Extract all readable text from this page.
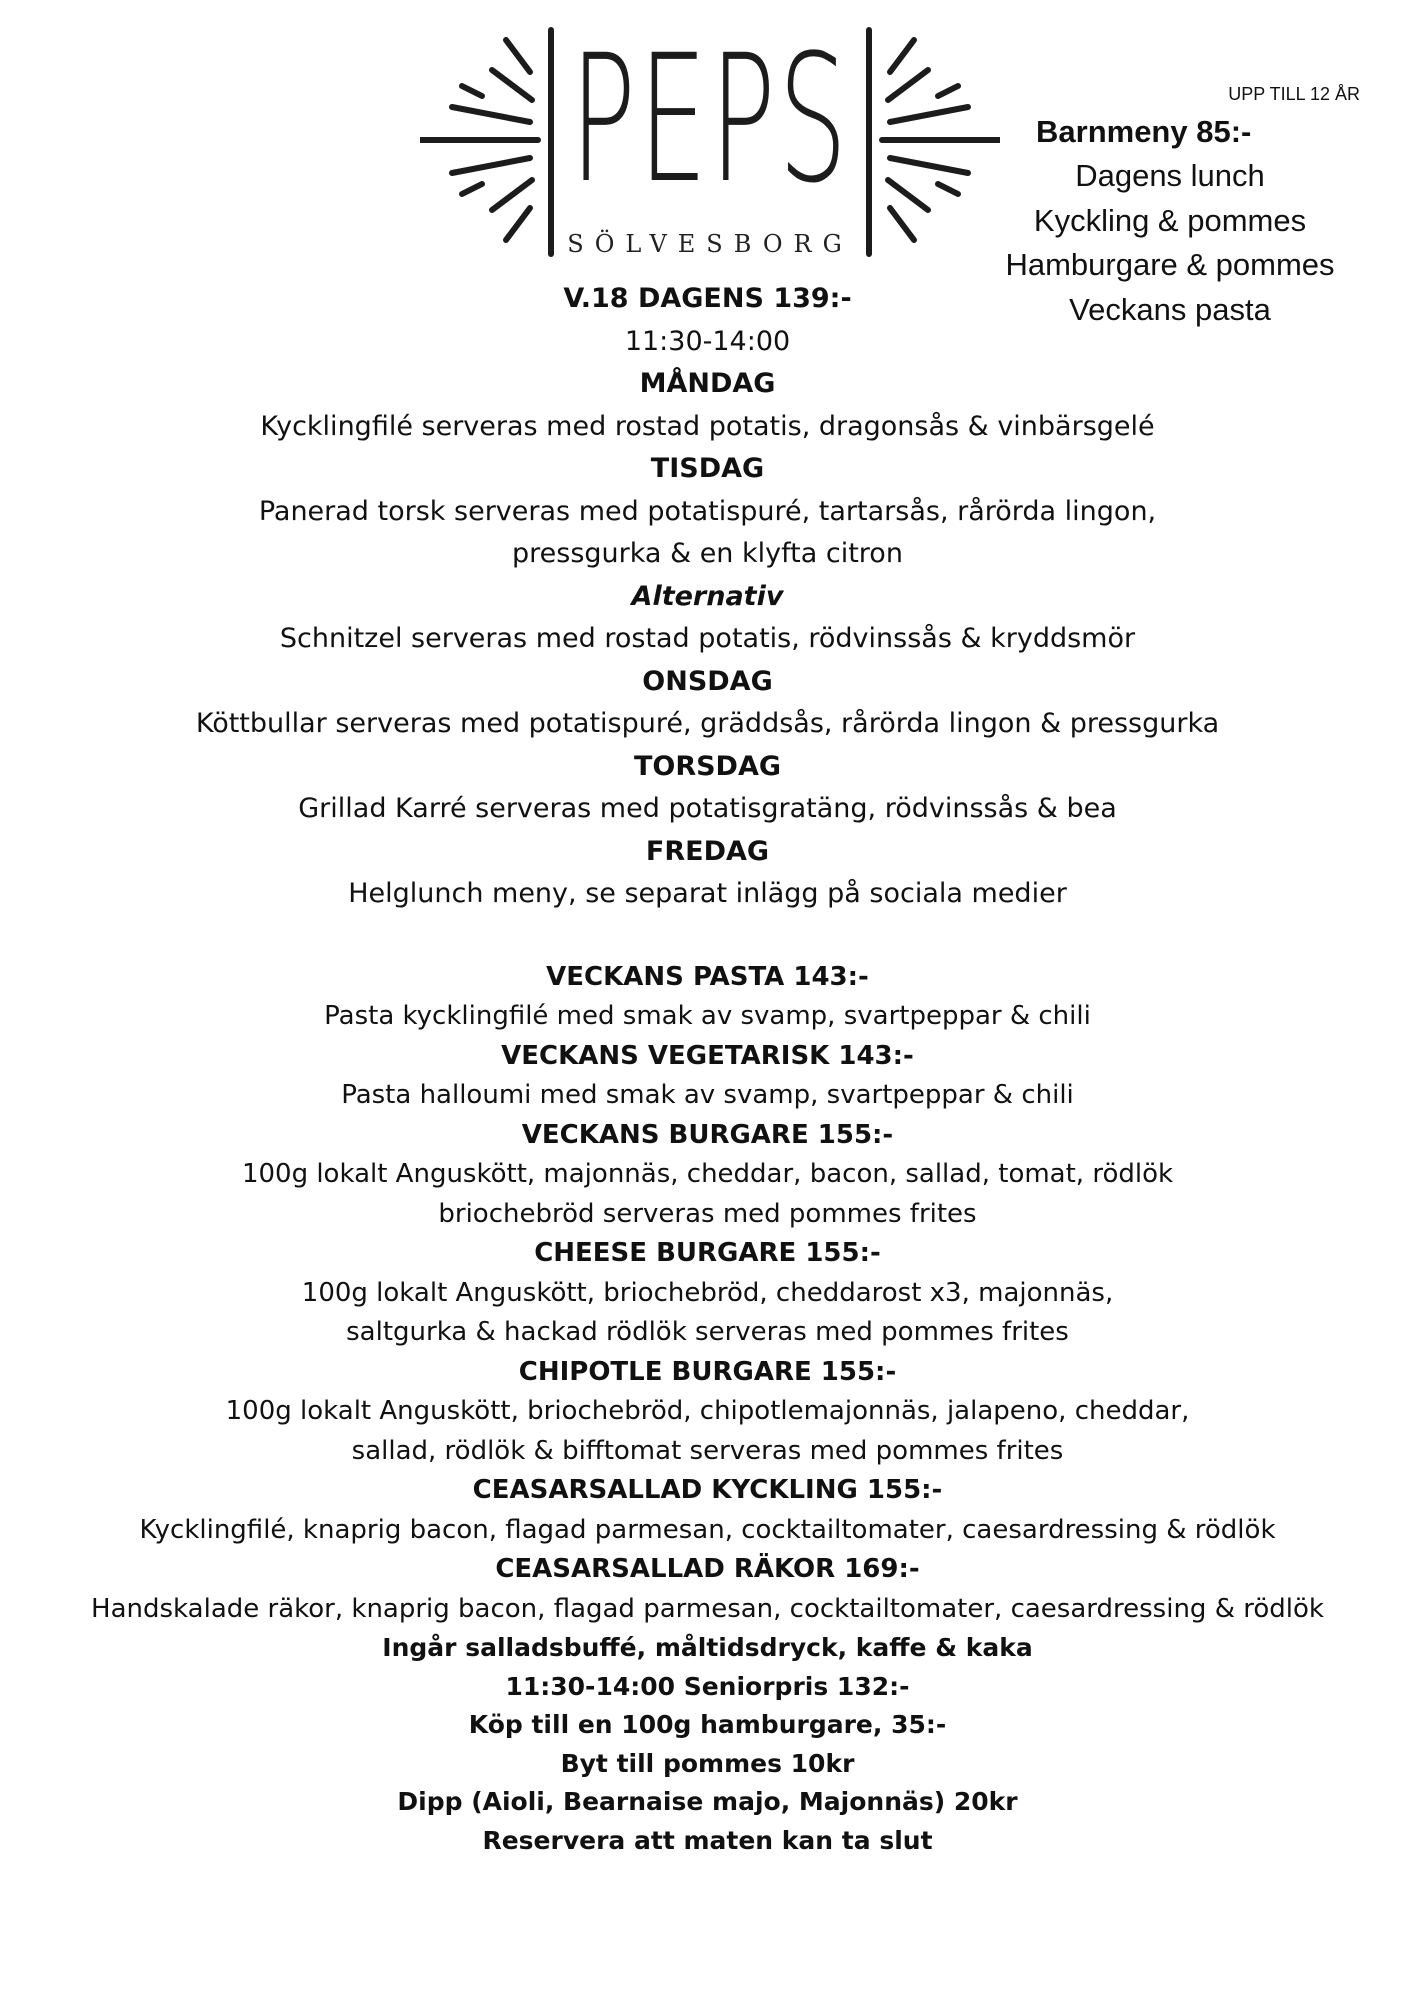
PEPS
SÖLVESBORG
UPP TILL 12 ÅR
Barnmeny 85:-
Dagens lunch
Kyckling & pommes
Hamburgare & pommes
Veckans pasta
V.18 DAGENS 139:-
11:30-14:00
MÅNDAG
Kycklingfilé serveras med rostad potatis, dragonsås & vinbärsgelé
TISDAG
Panerad torsk serveras med potatispuré, tartarsås, rårörda lingon,
pressgurka & en klyfta citron
Alternativ
Schnitzel serveras med rostad potatis, rödvinssås & kryddsmör
ONSDAG
Köttbullar serveras med potatispuré, gräddsås, rårörda lingon & pressgurka
TORSDAG
Grillad Karré serveras med potatisgratäng, rödvinssås & bea
FREDAG
Helglunch meny, se separat inlägg på sociala medier
VECKANS PASTA 143:-
Pasta kycklingfilé med smak av svamp, svartpeppar & chili
VECKANS VEGETARISK 143:-
Pasta halloumi med smak av svamp, svartpeppar & chili
VECKANS BURGARE 155:-
100g lokalt Anguskött, majonnäs, cheddar, bacon, sallad, tomat, rödlök
briochebröd serveras med pommes frites
CHEESE BURGARE 155:-
100g lokalt Anguskött, briochebröd, cheddarost x3, majonnäs,
saltgurka & hackad rödlök serveras med pommes frites
CHIPOTLE BURGARE 155:-
100g lokalt Anguskött, briochebröd, chipotlemajonnäs, jalapeno, cheddar,
sallad, rödlök & bifftomat serveras med pommes frites
CEASARSALLAD KYCKLING 155:-
Kycklingfilé, knaprig bacon, flagad parmesan, cocktailtomater, caesardressing & rödlök
CEASARSALLAD RÄKOR 169:-
Handskalade räkor, knaprig bacon, flagad parmesan, cocktailtomater, caesardressing & rödlök
Ingår salladsbuffé, måltidsdryck, kaffe & kaka
11:30-14:00 Seniorpris 132:-
Köp till en 100g hamburgare, 35:-
Byt till pommes 10kr
Dipp (Aioli, Bearnaise majo, Majonnäs) 20kr
Reservera att maten kan ta slut
